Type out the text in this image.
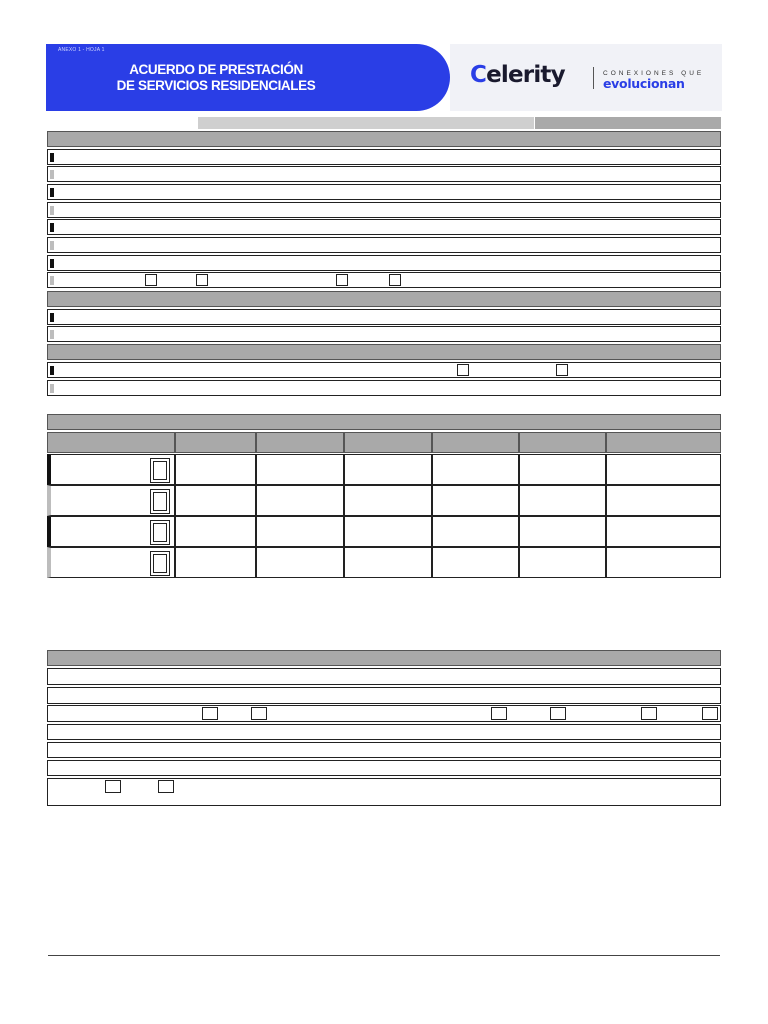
ANEXO 1 - HOJA 1
ACUERDO DE PRESTACIÓN
DE SERVICIOS RESIDENCIALES	Celerity	CONEXIONES QUE
evolucionan
